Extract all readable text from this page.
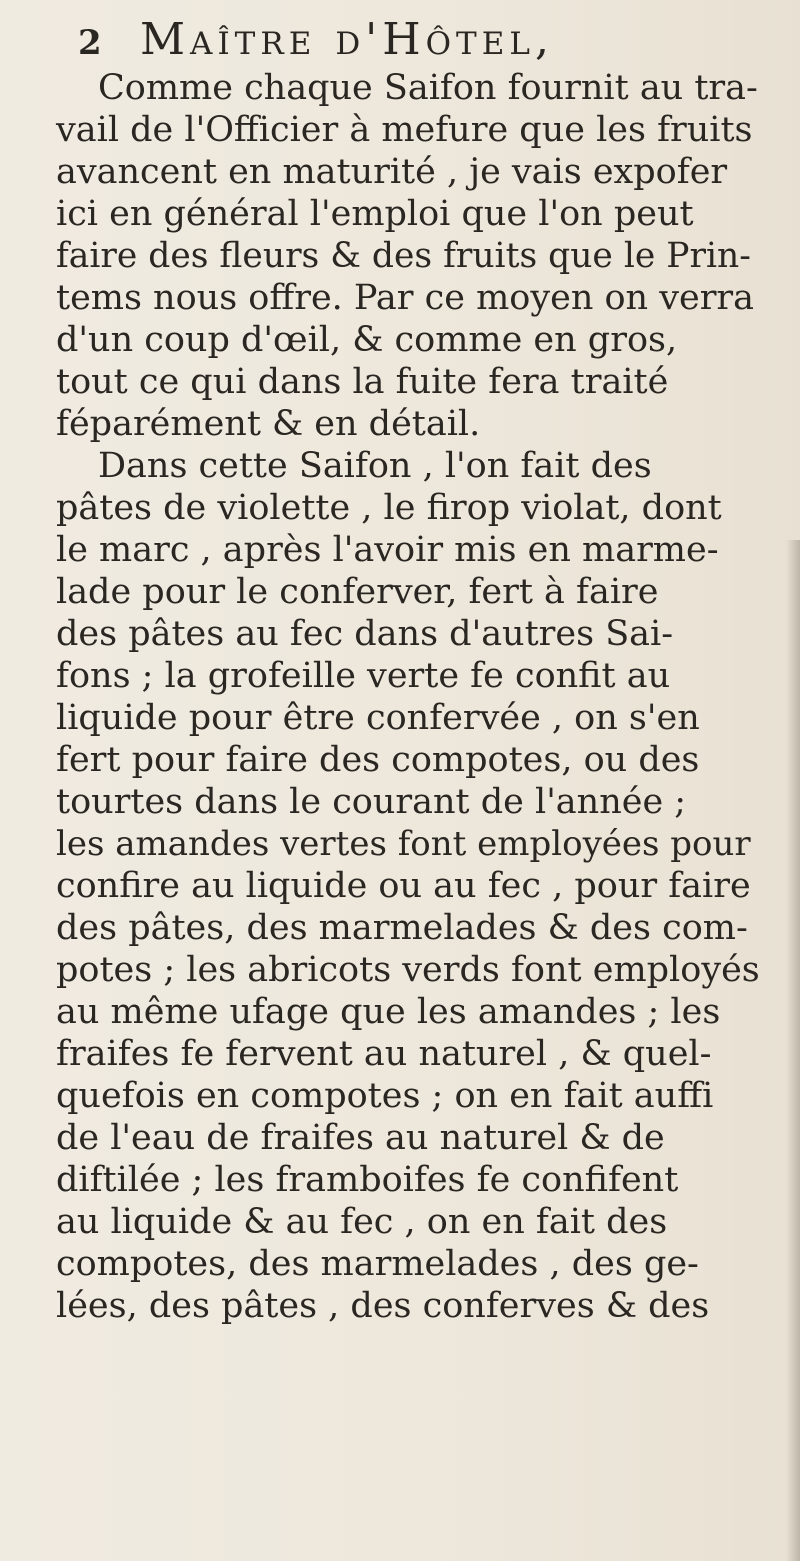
2 Maître d'Hôtel,
Comme chaque Saifon fournit au tra-
vail de l'Officier à mefure que les fruits
avancent en maturité , je vais expofer
ici en général l'emploi que l'on peut
faire des fleurs & des fruits que le Prin-
tems nous offre. Par ce moyen on verra
d'un coup d'œil, & comme en gros,
tout ce qui dans la fuite fera traité
féparément & en détail.
Dans cette Saifon , l'on fait des
pâtes de violette , le firop violat, dont
le marc , après l'avoir mis en marme-
lade pour le conferver, fert à faire
des pâtes au fec dans d'autres Sai-
fons ; la grofeille verte fe confit au
liquide pour être confervée , on s'en
fert pour faire des compotes, ou des
tourtes dans le courant de l'année ;
les amandes vertes font employées pour
confire au liquide ou au fec , pour faire
des pâtes, des marmelades & des com-
potes ; les abricots verds font employés
au même ufage que les amandes ; les
fraifes fe fervent au naturel , & quel-
quefois en compotes ; on en fait auffi
de l'eau de fraifes au naturel & de
diftilée ; les framboifes fe confifent
au liquide & au fec , on en fait des
compotes, des marmelades , des ge-
lées, des pâtes , des conferves & des
